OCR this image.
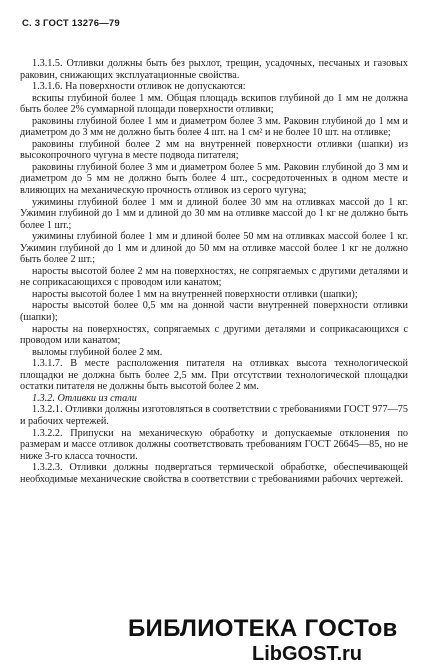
С. 3 ГОСТ 13276—79

1.3.1.5. Отливки должны быть без рыхлот, трещин, усадочных, песчаных и газовых раковин, снижающих эксплуатационные свойства.

1.3.1.6. На поверхности отливок не допускаются:

вскипы глубиной более 1 мм. Общая площадь вскипов глубиной до 1 мм не должна быть более 2% суммарной площади поверхности отливки;

раковины глубиной более 1 мм и диаметром более 3 мм. Раковин глубиной до 1 мм и диаметром до 3 мм не должно быть более 4 шт. на 1 см² и не более 10 шт. на отливке;

раковины глубиной более 2 мм на внутренней поверхности отливки (шапки) из высокопрочного чугуна в месте подвода питателя;

раковины глубиной более 3 мм и диаметром более 5 мм. Раковин глубиной до 3 мм и диаметром до 5 мм не должно быть более 4 шт., сосредоточенных в одном месте и влияющих на механическую прочность отливок из серого чугуна;

ужимины глубиной более 1 мм и длиной более 30 мм на отливках массой до 1 кг. Ужимин глубиной до 1 мм и длиной до 30 мм на отливке массой до 1 кг не должно быть более 1 шт.;

ужимины глубиной более 1 мм и длиной более 50 мм на отливках массой более 1 кг. Ужимин глубиной до 1 мм и длиной до 50 мм на отливке массой более 1 кг не должно быть более 2 шт.;

наросты высотой более 2 мм на поверхностях, не сопрягаемых с другими деталями и не соприкасающихся с проводом или канатом;

наросты высотой более 1 мм на внутренней поверхности отливки (шапки);

наросты высотой более 0,5 мм на донной части внутренней поверхности отливки (шапки);

наросты на поверхностях, сопрягаемых с другими деталями и соприкасающихся с проводом или канатом;

выломы глубиной более 2 мм.

1.3.1.7. В месте расположения питателя на отливках высота технологической площадки не должна быть более 2,5 мм. При отсутствии технологической площадки остатки питателя не должны быть высотой более 2 мм.

1.3.2. Отливки из стали

1.3.2.1. Отливки должны изготовляться в соответствии с требованиями ГОСТ 977—75 и рабочих чертежей.

1.3.2.2. Припуски на механическую обработку и допускаемые отклонения по размерам и массе отливок должны соответствовать требованиям ГОСТ 26645—85, но не ниже 3-го класса точности.

1.3.2.3. Отливки должны подвергаться термической обработке, обеспечивающей необходимые механические свойства в соответствии с требованиями рабочих чертежей.

БИБЛИОТЕКА ГОСТов
LibGOST.ru
